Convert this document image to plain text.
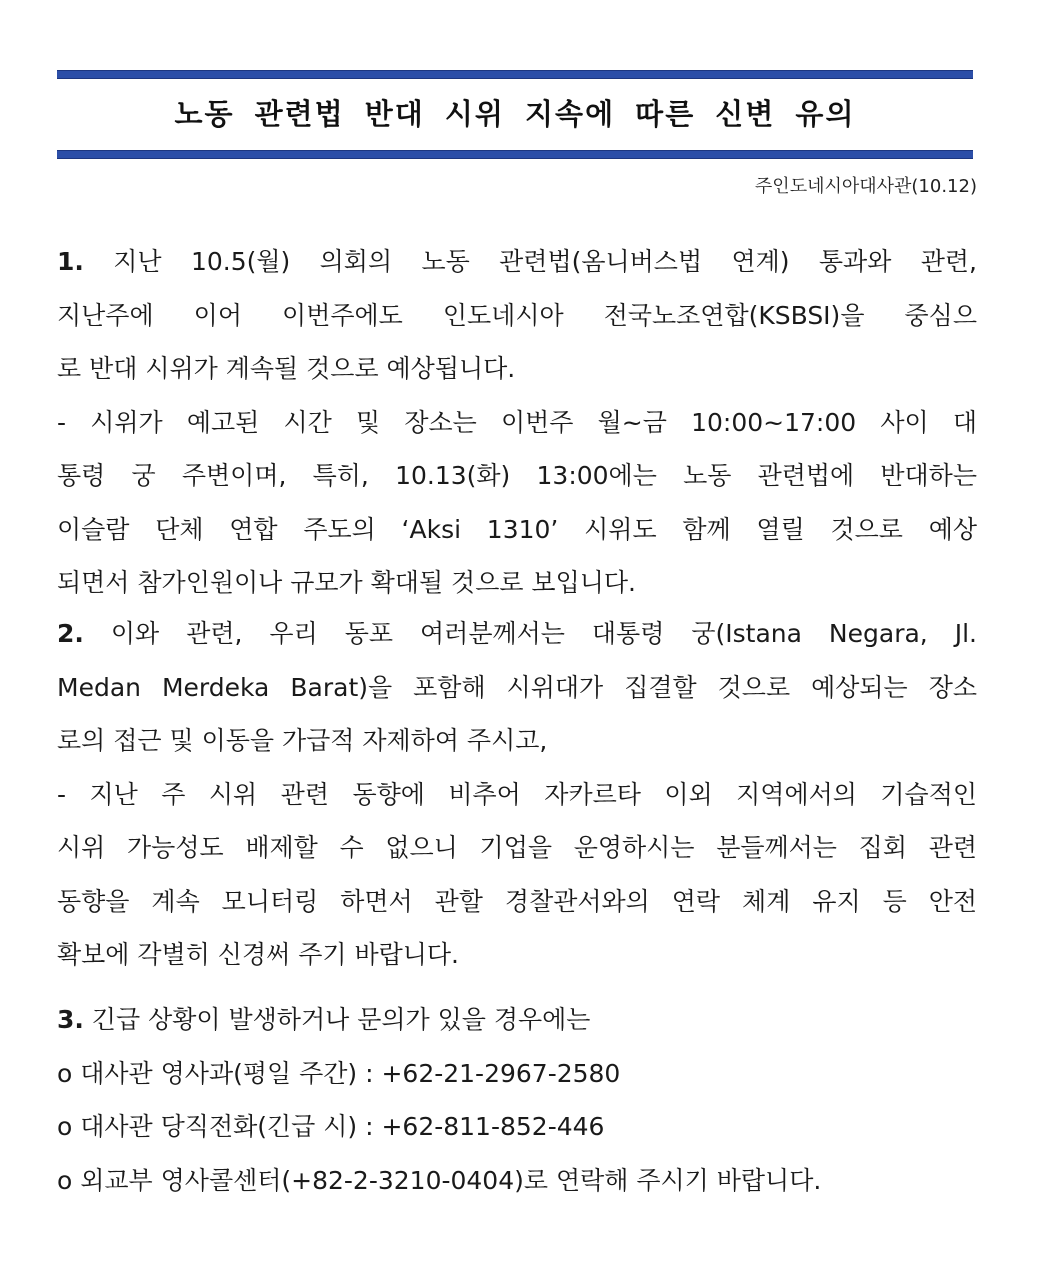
노동 관련법 반대 시위 지속에 따른 신변 유의
주인도네시아대사관(10.12)
1. 지난 10.5(월) 의회의 노동 관련법(옴니버스법 연계) 통과와 관련,
지난주에 이어 이번주에도 인도네시아 전국노조연합(KSBSI)을 중심으
로 반대 시위가 계속될 것으로 예상됩니다.
- 시위가 예고된 시간 및 장소는 이번주 월~금 10:00~17:00 사이 대
통령 궁 주변이며, 특히, 10.13(화) 13:00에는 노동 관련법에 반대하는
이슬람 단체 연합 주도의 ‘Aksi 1310’ 시위도 함께 열릴 것으로 예상
되면서 참가인원이나 규모가 확대될 것으로 보입니다.
2. 이와 관련, 우리 동포 여러분께서는 대통령 궁(Istana Negara, Jl.
Medan Merdeka Barat)을 포함해 시위대가 집결할 것으로 예상되는 장소
로의 접근 및 이동을 가급적 자제하여 주시고,
- 지난 주 시위 관련 동향에 비추어 자카르타 이외 지역에서의 기습적인
시위 가능성도 배제할 수 없으니 기업을 운영하시는 분들께서는 집회 관련
동향을 계속 모니터링 하면서 관할 경찰관서와의 연락 체계 유지 등 안전
확보에 각별히 신경써 주기 바랍니다.
3. 긴급 상황이 발생하거나 문의가 있을 경우에는
o 대사관 영사과(평일 주간) : +62-21-2967-2580
o 대사관 당직전화(긴급 시) : +62-811-852-446
o 외교부 영사콜센터(+82-2-3210-0404)로 연락해 주시기 바랍니다.
